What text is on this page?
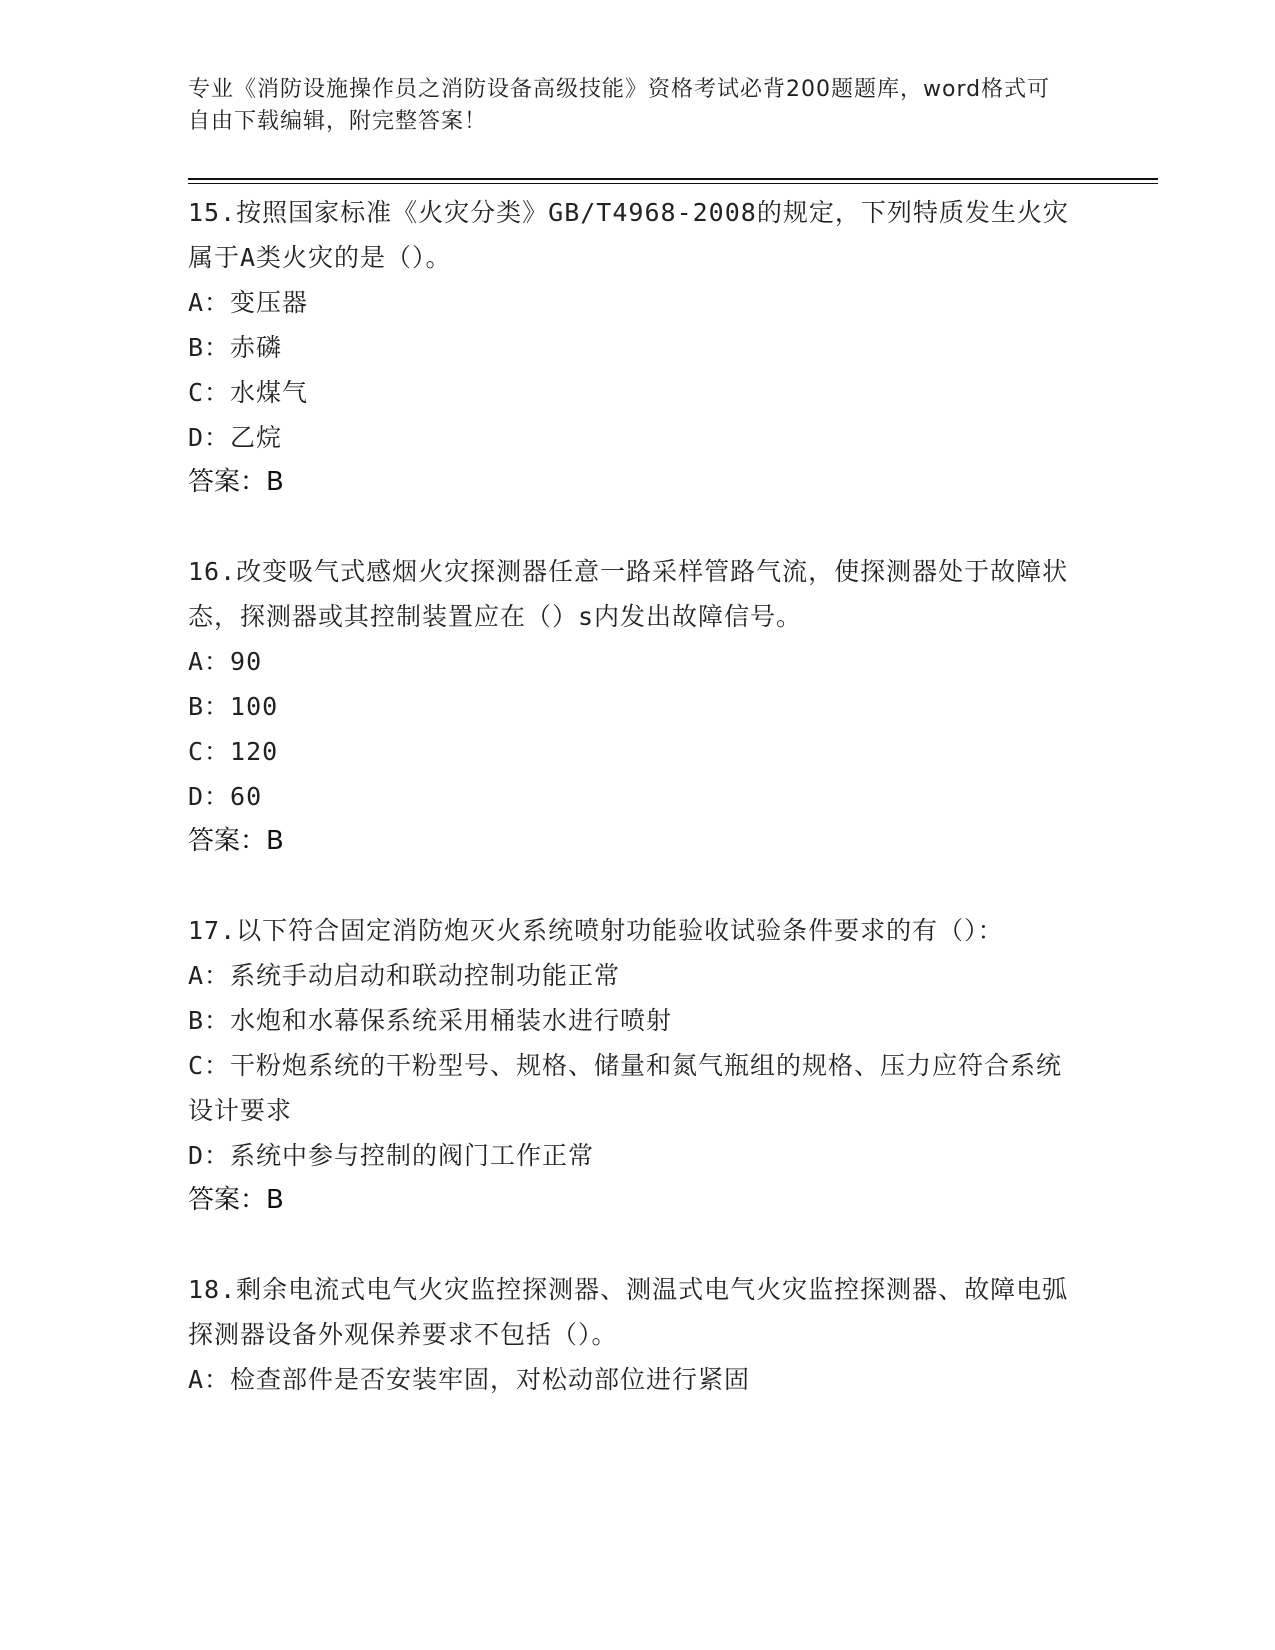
专业《消防设施操作员之消防设备高级技能》资格考试必背200题题库，word格式可自由下载编辑，附完整答案！

15.按照国家标准《火灾分类》GB/T4968-2008的规定，下列特质发生火灾属于A类火灾的是（）。

A：变压器

B：赤磷

C：水煤气

D：乙烷

答案：B

16.改变吸气式感烟火灾探测器任意一路采样管路气流，使探测器处于故障状态，探测器或其控制装置应在（）s内发出故障信号。

A：90

B：100

C：120

D：60

答案：B

17.以下符合固定消防炮灭火系统喷射功能验收试验条件要求的有（）：

A：系统手动启动和联动控制功能正常

B：水炮和水幕保系统采用桶装水进行喷射

C：干粉炮系统的干粉型号、规格、储量和氮气瓶组的规格、压力应符合系统设计要求

D：系统中参与控制的阀门工作正常

答案：B

18.剩余电流式电气火灾监控探测器、测温式电气火灾监控探测器、故障电弧探测器设备外观保养要求不包括（）。

A：检查部件是否安装牢固，对松动部位进行紧固
